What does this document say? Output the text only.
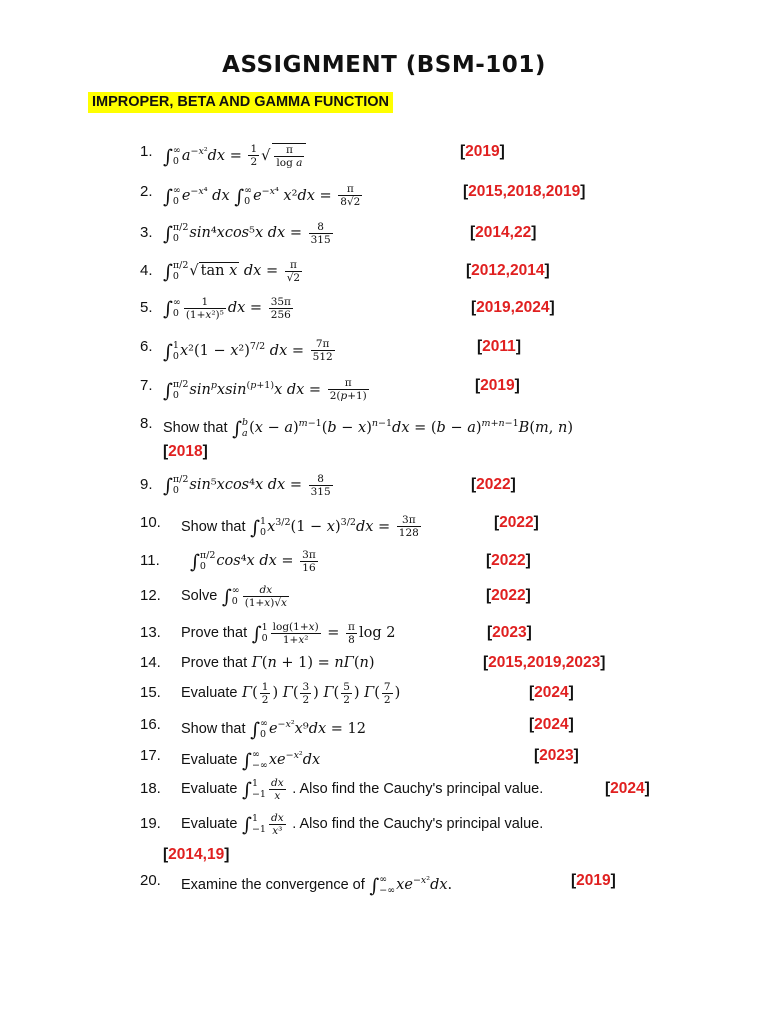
ASSIGNMENT (BSM-101)
IMPROPER, BETA AND GAMMA FUNCTION
1. ∫ ∞
0 $a^{-x^2}dx = \frac{1}{2}$ √ $\frac{\pi}{\text{log a}}$	[2019]
2. ∫ ∞
0 $e^{-x^4}$ dx ∫ ∞
0 $e^{-x^4}$ $x^2dx = \frac{\pi}{8√2}$	[2015,2018,2019]
3. ∫ π/2
0 sin⁴xcos⁵x dx = $\frac{8}{315}$	[2014,22]
4. ∫ π/2
0 √ tan x dx = $\frac{\pi}{√2}$	[2012,2014]
5. ∫ ∞
$0 \frac{1}{\text{(1+x²)⁵}}$ dx = $\frac{35\pi}{256}$	[2019,2024]
6. ∫ 1
0 $x^2(1 - x^2)^{7/2}$ dx = $\frac{7\pi}{512}$	[2011]
7. ∫ π/2
0 $\sin^pxsin^{(p+1)}x$ dx = $\frac{\pi}{2(p+1)}$	[2019]
8. Show that ∫ b
a $(x - a)^{m-1}(b - x)^{n-1}dx = (b - a)^{m+n-1}B(m$, n)
[2018]
9. ∫ π/2
0 sin⁵xcos⁴x dx = $\frac{8}{315}$	[2022]
10. Show that ∫ 1
0 $x^{3/2}(1 - x)^{3/2}dx = \frac{3\pi}{128}$	[2022]
11. ∫ π/2
0 cos⁴x dx = $\frac{3\pi}{16}$	[2022]
12. Solve ∫ ∞
$0 \frac{dx}{(1+x)√x}$	[2022]
13. Prove that ∫ 1
$0 \frac{\log(1+x)}{\text{1+x²}} = \frac{\pi}{8}$ log 2	[2023]
14. Prove that Γ(n + 1) = nΓ(n)	[2015,2019,2023]
15. Evaluate $\Gamma( \frac{1}{2}$ ) $\Gamma( \frac{3}{2}$ ) $\Gamma( \frac{5}{2}$ ) $\Gamma( \frac{7}{2}$ )	[2024]
16. Show that ∫ ∞
0 $e^{-x^2}x^9dx = 12$	[2024]
17. Evaluate ∫ ∞
−∞ $xe^{-x^2}dx$	[2023]
18. Evaluate ∫ 1
$-1 \frac{dx}{x}$ . Also find the Cauchy's principal value.	[2024]
19. Evaluate ∫ 1
$-1 \frac{dx}{\text{x³}}$ . Also find the Cauchy's principal value.
[2014,19]
20. Examine the convergence of ∫ ∞
−∞ $xe^{-x^2}dx$.	[2019]
